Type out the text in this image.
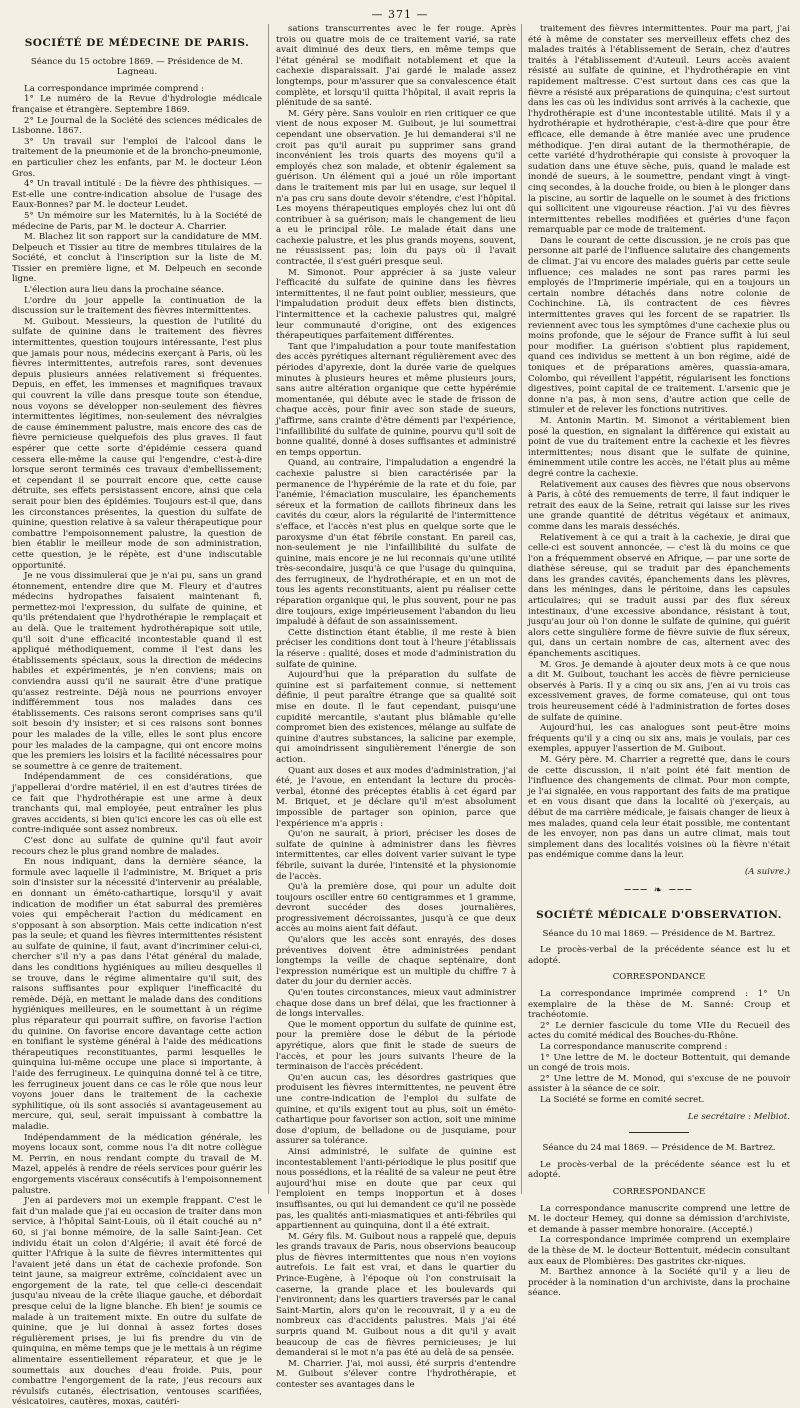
— 371 —
SOCIÉTÉ DE MÉDECINE DE PARIS.

Séance du 15 octobre 1869. — Présidence de M. Lagneau.

La correspondance imprimée comprend :

1° Le numéro de la Revue d'hydrologie médicale française et étrangère. Septembre 1869.

2° Le Journal de la Société des sciences médicales de Lisbonne. 1867.

3° Un travail sur l'emploi de l'alcool dans le traitement de la pneumonie et de la broncho-pneumonie, en particulier chez les enfants, par M. le docteur Léon Gros.

4° Un travail intitulé : De la fièvre des phthisiques. — Est-elle une contre-indication absolue de l'usage des Eaux-Bonnes? par M. le docteur Leudet.

5° Un mémoire sur les Maternités, lu à la Société de médecine de Paris, par M. le docteur A. Charrier.

M. Blachez lit son rapport sur la candidature de MM. Delpeuch et Tissier au titre de membres titulaires de la Société, et conclut à l'inscription sur la liste de M. Tissier en première ligne, et M. Delpeuch en seconde ligne.

L'élection aura lieu dans la prochaine séance.

L'ordre du jour appelle la continuation de la discussion sur le traitement des fièvres intermittentes.

M. Guibout. Messieurs, la question de l'utilité du sulfate de quinine dans le traitement des fièvres intermittentes, question toujours intéressante, l'est plus que jamais pour nous, médecins exerçant à Paris, où les fièvres intermittentes, autrefois rares, sont devenues depuis plusieurs années relativement si fréquentes. Depuis, en effet, les immenses et magnifiques travaux qui couvrent la ville dans presque toute son étendue, nous voyons se développer non-seulement des fièvres intermittentes légitimes, non-seulement des névralgies de cause éminemment palustre, mais encore des cas de fièvre pernicieuse quelquefois des plus graves. Il faut espérer que cette sorte d'épidémie cessera quand cessera elle-même la cause qui l'engendre, c'est-à-dire lorsque seront terminés ces travaux d'embellissement; et cependant il se pourrait encore que, cette cause détruite, ses effets persistassent encore, ainsi que cela serait pour bien des épidémies. Toujours est-il que, dans les circonstances présentes, la question du sulfate de quinine, question relative à sa valeur thérapeutique pour combattre l'empoisonnement palustre, la question de bien établir le meilleur mode de son administration, cette question, je le répète, est d'une indiscutable opportunité.

Je ne vous dissimulerai que je n'ai pu, sans un grand étonnement, entendre dire que M. Fleury et d'autres médecins hydropathes faisaient maintenant fi, permettez-moi l'expression, du sulfate de quinine, et qu'ils prétendaient que l'hydrothérapie le remplaçait et au delà. Que le traitement hydrothérapique soit utile, qu'il soit d'une efficacité incontestable quand il est appliqué méthodiquement, comme il l'est dans les établissements spéciaux, sous la direction de médecins habiles et expérimentés, je n'en conviens; mais on conviendra aussi qu'il ne saurait être d'une pratique qu'assez restreinte. Déjà nous ne pourrions envoyer indifféremment tous nos malades dans ces établissements. Ces raisons seront comprises sans qu'il soit besoin d'y insister; et si ces raisons sont bonnes pour les malades de la ville, elles le sont plus encore pour les malades de la campagne, qui ont encore moins que les premiers les loisirs et la facilité nécessaires pour se soumettre à ce genre de traitement.

Indépendamment de ces considérations, que j'appellerai d'ordre matériel, il en est d'autres tirées de ce fait que l'hydrothérapie est une arme à deux tranchants qui, mal employée, peut entraîner les plus graves accidents, si bien qu'ici encore les cas où elle est contre-indiquée sont assez nombreux.

C'est donc au sulfate de quinine qu'il faut avoir recours chez le plus grand nombre de malades.

En nous indiquant, dans la dernière séance, la formule avec laquelle il l'administre, M. Briquet a pris soin d'insister sur la nécessité d'intervenir au préalable, en donnant un éméto-cathartique, lorsqu'il y avait indication de modifier un état saburral des premières voies qui empêcherait l'action du médicament en s'opposant à son absorption. Mais cette indication n'est pas la seule; et quand les fièvres intermittentes résistent au sulfate de quinine, il faut, avant d'incriminer celui-ci, chercher s'il n'y a pas dans l'état général du malade, dans les conditions hygiéniques au milieu desquelles il se trouve, dans le régime alimentaire qu'il suit, des raisons suffisantes pour expliquer l'inefficacité du remède. Déjà, en mettant le malade dans des conditions hygiéniques meilleures, en le soumettant à un régime plus réparateur qui pourrait suffire, on favorise l'action du quinine. On favorise encore davantage cette action en tonifiant le système général à l'aide des médications thérapeutiques reconstituantes, parmi lesquelles le quinquina lui-même occupe une place si importante, à l'aide des ferrugineux. Le quinquina donné tel à ce titre, les ferrugineux jouent dans ce cas le rôle que nous leur voyons jouer dans le traitement de la cachexie syphilitique, où ils sont associés si avantageusement au mercure, qui, seul, serait impuissant à combattre la maladie.

Indépendamment de la médication générale, les moyens locaux sont, comme nous l'a dit notre collègue M. Perrin, en nous rendant compte du travail de M. Mazel, appelés à rendre de réels services pour guérir les engorgements viscéraux consécutifs à l'empoisonnement palustre.

J'en ai pardevers moi un exemple frappant. C'est le fait d'un malade que j'ai eu occasion de traiter dans mon service, à l'hôpital Saint-Louis, où il était couché au n° 60, si j'ai bonne mémoire, de la salle Saint-Jean. Cet individu était un colon d'Algérie; il avait été forcé de quitter l'Afrique à la suite de fièvres intermittentes qui l'avaient jeté dans un état de cachexie profonde. Son teint jaune, sa maigreur extrême, coïncidaient avec un engorgement de la rate, tel que celle-ci descendait jusqu'au niveau de la crête iliaque gauche, et débordait presque celui de la ligne blanche. Eh bien! je soumis ce malade à un traitement mixte. En outre du sulfate de quinine, que je lui donnai à assez fortes doses régulièrement prises, je lui fis prendre du vin de quinquina, en même temps que je le mettais à un régime alimentaire essentiellement réparateur, et que je le soumettais aux douches d'eau froide. Puis, pour combattre l'engorgement de la rate, j'eus recours aux révulsifs cutanés, électrisation, ventouses scarifiées, vésicatoires, cautères, moxas, cautéri-

sations transcurrentes avec le fer rouge. Après trois ou quatre mois de ce traitement varié, sa rate avait diminué des deux tiers, en même temps que l'état général se modifiait notablement et que la cachexie disparaissait. J'ai gardé le malade assez longtemps, pour m'assurer que sa convalescence était complète, et lorsqu'il quitta l'hôpital, il avait repris la plénitude de sa santé.

M. Géry père. Sans vouloir en rien critiquer ce que vient de nous exposer M. Guibout, je lui soumettrai cependant une observation. Je lui demanderai s'il ne croit pas qu'il aurait pu supprimer sans grand inconvénient les trois quarts des moyens qu'il a employés chez son malade, et obtenir également sa guérison. Un élément qui a joué un rôle important dans le traitement mis par lui en usage, sur lequel il n'a pas cru sans doute devoir s'étendre, c'est l'hôpital. Les moyens thérapeutiques employés chez lui ont dû contribuer à sa guérison; mais le changement de lieu a eu le principal rôle. Le malade était dans une cachexie palustre, et les plus grands moyens, souvent, ne réussissent pas; loin du pays où il l'avait contractée, il s'est guéri presque seul.

M. Simonot. Pour apprécier à sa juste valeur l'efficacité du sulfate de quinine dans les fièvres intermittentes, il ne faut point oublier, messieurs, que l'impaludation produit deux effets bien distincts, l'intermittence et la cachexie palustres qui, malgré leur communauté d'origine, ont des exigences thérapeutiques parfaitement différentes.

Tant que l'impaludation a pour toute manifestation des accès pyrétiques alternant régulièrement avec des périodes d'apyrexie, dont la durée varie de quelques minutes à plusieurs heures et même plusieurs jours, sans autre altération organique que cette hypérémie momentanée, qui débute avec le stade de frisson de chaque accès, pour finir avec son stade de sueurs, j'affirme, sans crainte d'être démenti par l'expérience, l'infaillibilité du sulfate de quinine, pourvu qu'il soit de bonne qualité, donné à doses suffisantes et administré en temps opportun.

Quand, au contraire, l'impaludation a engendré la cachexie palustre si bien caractérisée par la permanence de l'hypérémie de la rate et du foie, par l'anémie, l'émaciation musculaire, les épanchements séreux et la formation de caillots fibrineux dans les cavités du cœur, alors la régularité de l'intermittence s'efface, et l'accès n'est plus en quelque sorte que le paroxysme d'un état fébrile constant. En pareil cas, non-seulement je nie l'infaillibilité du sulfate de quinine, mais encore je ne lui reconnais qu'une utilité très-secondaire, jusqu'à ce que l'usage du quinquina, des ferrugineux, de l'hydrothérapie, et en un mot de tous les agents reconstituants, aient pu réaliser cette réparation organique qui, le plus souvent, pour ne pas dire toujours, exige impérieusement l'abandon du lieu impaludé à défaut de son assainissement.

Cette distinction étant établie, il me reste à bien préciser les conditions dont tout à l'heure j'établissais la réserve : qualité, doses et mode d'administration du sulfate de quinine.

Aujourd'hui que la préparation du sulfate de quinine est si parfaitement connue, si nettement définie, il peut paraître étrange que sa qualité soit mise en doute. Il le faut cependant, puisqu'une cupidité mercantile, s'autant plus blâmable qu'elle compromet bien des existences, mélange au sulfate de quinine d'autres substances, la salicine par exemple, qui amoindrissent singulièrement l'énergie de son action.

Quant aux doses et aux modes d'administration, j'ai été, je l'avoue, en entendant la lecture du procès-verbal, étonné des préceptes établis à cet égard par M. Briquet, et je déclare qu'il m'est absolument impossible de partager son opinion, parce que l'expérience m'a appris :

Qu'on ne saurait, à priori, préciser les doses de sulfate de quinine à administrer dans les fièvres intermittentes, car elles doivent varier suivant le type fébrile, suivant la durée, l'intensité et la physionomie de l'accès.

Qu'à la première dose, qui pour un adulte doit toujours osciller entre 60 centigrammes et 1 gramme, devront succéder des doses journalières, progressivement décroissantes, jusqu'à ce que deux accès au moins aient fait défaut.

Qu'alors que les accès sont enrayés, des doses préventives doivent être administrées pendant longtemps la veille de chaque septénaire, dont l'expression numérique est un multiple du chiffre 7 à dater du jour du dernier accès.

Qu'en toutes circonstances, mieux vaut administrer chaque dose dans un bref délai, que les fractionner à de longs intervalles.

Que le moment opportun du sulfate de quinine est, pour la première dose le début de la période apyrétique, alors que finit le stade de sueurs de l'accès, et pour les jours suivants l'heure de la terminaison de l'accès précédent.

Qu'en aucun cas, les désordres gastriques que produisent les fièvres intermittentes, ne peuvent être une contre-indication de l'emploi du sulfate de quinine, et qu'ils exigent tout au plus, soit un éméto-cathartique pour favoriser son action, soit une minime dose d'opium, de belladone ou de jusquiame, pour assurer sa tolérance.

Ainsi administré, le sulfate de quinine est incontestablement l'anti-périodique le plus positif que nous possédions, et la réalité de sa valeur ne peut être aujourd'hui mise en doute que par ceux qui l'emploient en temps inopportun et à doses insuffisantes, ou qui lui demandent ce qu'il ne possède pas, les qualités anti-miasmatiques et anti-fébriles qui appartiennent au quinquina, dont il a été extrait.

M. Géry fils. M. Guibout nous a rappelé que, depuis les grands travaux de Paris, nous observions beaucoup plus de fièvres intermittentes que nous n'en voyions autrefois. Le fait est vrai, et dans le quartier du Prince-Eugène, à l'époque où l'on construisait la caserne, la grande place et les boulevards qui l'environnent; dans les quartiers traversés par le canal Saint-Martin, alors qu'on le recouvrait, il y a eu de nombreux cas d'accidents palustres. Mais j'ai été surpris quand M. Guibout nous a dit qu'il y avait beaucoup de cas de fièvres pernicieuses; je lui demanderai si le mot n'a pas été au delà de sa pensée.

M. Charrier. J'ai, moi aussi, été surpris d'entendre M. Guibout s'élever contre l'hydrothérapie, et contester ses avantages dans le

traitement des fièvres intermittentes. Pour ma part, j'ai été à même de constater ses merveilleux effets chez des malades traités à l'établissement de Serain, chez d'autres traités à l'établissement d'Auteuil. Leurs accès avaient résisté au sulfate de quinine, et l'hydrothérapie en vint rapidement maîtresse. C'est surtout dans ces cas que la fièvre a résisté aux préparations de quinquina; c'est surtout dans les cas où les individus sont arrivés à la cachexie, que l'hydrothérapie est d'une incontestable utilité. Mais il y a hydrothérapie et hydrothérapie, c'est-à-dire que pour être efficace, elle demande à être maniée avec une prudence méthodique. J'en dirai autant de la thermothérapie, de cette variété d'hydrothérapie qui consiste à provoquer la sudation dans une étuve sèche, puis, quand le malade est inondé de sueurs, à le soumettre, pendant vingt à vingt-cinq secondes, à la douche froide, ou bien à le plonger dans la piscine, au sortir de laquelle on le soumet à des frictions qui sollicitent une vigoureuse réaction. J'ai vu des fièvres intermittentes rebelles modifiées et guéries d'une façon remarquable par ce mode de traitement.

Dans le courant de cette discussion, je ne crois pas que personne ait parlé de l'influence salutaire des changements de climat. J'ai vu encore des malades guéris par cette seule influence; ces malades ne sont pas rares parmi les employés de l'Imprimerie impériale, qui en a toujours un certain nombre détachés dans notre colonie de Cochinchine. Là, ils contractent de ces fièvres intermittentes graves qui les forcent de se rapatrier. Ils reviennent avec tous les symptômes d'une cachexie plus ou moins profonde, que le séjour de France suffit à lui seul pour modifier. La guérison s'obtient plus rapidement, quand ces individus se mettent à un bon régime, aidé de toniques et de préparations amères, quassia-amara, Colombo, qui réveillent l'appétit, régularisent les fonctions digestives, point capital de ce traitement. L'arsenic que je donne n'a pas, à mon sens, d'autre action que celle de stimuler et de relever les fonctions nutritives.

M. Antonin Martin. M. Simonot a véritablement bien posé la question, en signalant la différence qui existait au point de vue du traitement entre la cachexie et les fièvres intermittentes; nous disant que le sulfate de quinine, éminemment utile contre les accès, ne l'était plus au même degré contre la cachexie.

Relativement aux causes des fièvres que nous observons à Paris, à côté des remuements de terre, il faut indiquer le retrait des eaux de la Seine, retrait qui laisse sur les rives une grande quantité de détritus végétaux et animaux, comme dans les marais desséchés.

Relativement à ce qui a trait à la cachexie, je dirai que celle-ci est souvent annoncée, — c'est là du moins ce que l'on a fréquemment observé en Afrique, — par une sorte de diathèse séreuse, qui se traduit par des épanchements dans les grandes cavités, épanchements dans les plèvres, dans les méninges, dans le péritoine, dans les capsules articulaires; qui se traduit aussi par des flux séreux intestinaux, d'une excessive abondance, résistant à tout, jusqu'au jour où l'on donne le sulfate de quinine, qui guérit alors cette singulière forme de fièvre suivie de flux séreux, qui, dans un certain nombre de cas, alternent avec des épanchements ascitiques.

M. Gros. Je demande à ajouter deux mots à ce que nous a dit M. Guibout, touchant les accès de fièvre pernicieuse observés à Paris. Il y a cinq ou six ans, j'en ai vu trois cas excessivement graves, de forme comateuse, qui ont tous trois heureusement cédé à l'administration de fortes doses de sulfate de quinine.

Aujourd'hui, les cas analogues sont peut-être moins fréquents qu'il y a cinq ou six ans, mais je voulais, par ces exemples, appuyer l'assertion de M. Guibout.

M. Géry père. M. Charrier a regretté que, dans le cours de cette discussion, il n'ait point été fait mention de l'influence des changements de climat. Pour mon compte, je l'ai signalée, en vous rapportant des faits de ma pratique et en vous disant que dans la localité où j'exerçais, au début de ma carrière médicale, je faisais changer de lieux à mes malades, quand cela leur était possible, me contentant de les envoyer, non pas dans un autre climat, mais tout simplement dans des localités voisines où la fièvre n'était pas endémique comme dans la leur.

(A suivre.)

─── ❧ ───
SOCIÉTÉ MÉDICALE D'OBSERVATION.

Séance du 10 mai 1869. — Présidence de M. Bartrez.

Le procès-verbal de la précédente séance est lu et adopté.

CORRESPONDANCE

La correspondance imprimée comprend : 1° Un exemplaire de la thèse de M. Sanné: Croup et trachéotomie.

2° Le dernier fascicule du tome VIIe du Recueil des actes du comité médical des Bouches-du-Rhône.

La correspondance manuscrite comprend :

1° Une lettre de M. le docteur Bottentuit, qui demande un congé de trois mois.

2° Une lettre de M. Monod, qui s'excuse de ne pouvoir assister à la séance de ce soir.

La Société se forme en comité secret.

Le secrétaire : Melbiot.

Séance du 24 mai 1869. — Présidence de M. Bartrez.

Le procès-verbal de la précédente séance est lu et adopté.

CORRESPONDANCE

La correspondance manuscrite comprend une lettre de M. le docteur Hemey, qui donne sa démission d'archiviste, et demande à passer membre honoraire. (Accepté.)

La correspondance imprimée comprend un exemplaire de la thèse de M. le docteur Bottentuit, médecin consultant aux eaux de Plombières: Des gastrites ckr-niques.

M. Barthez annonce à la Société qu'il y a lieu de procéder à la nomination d'un archiviste, dans la prochaine séance.
